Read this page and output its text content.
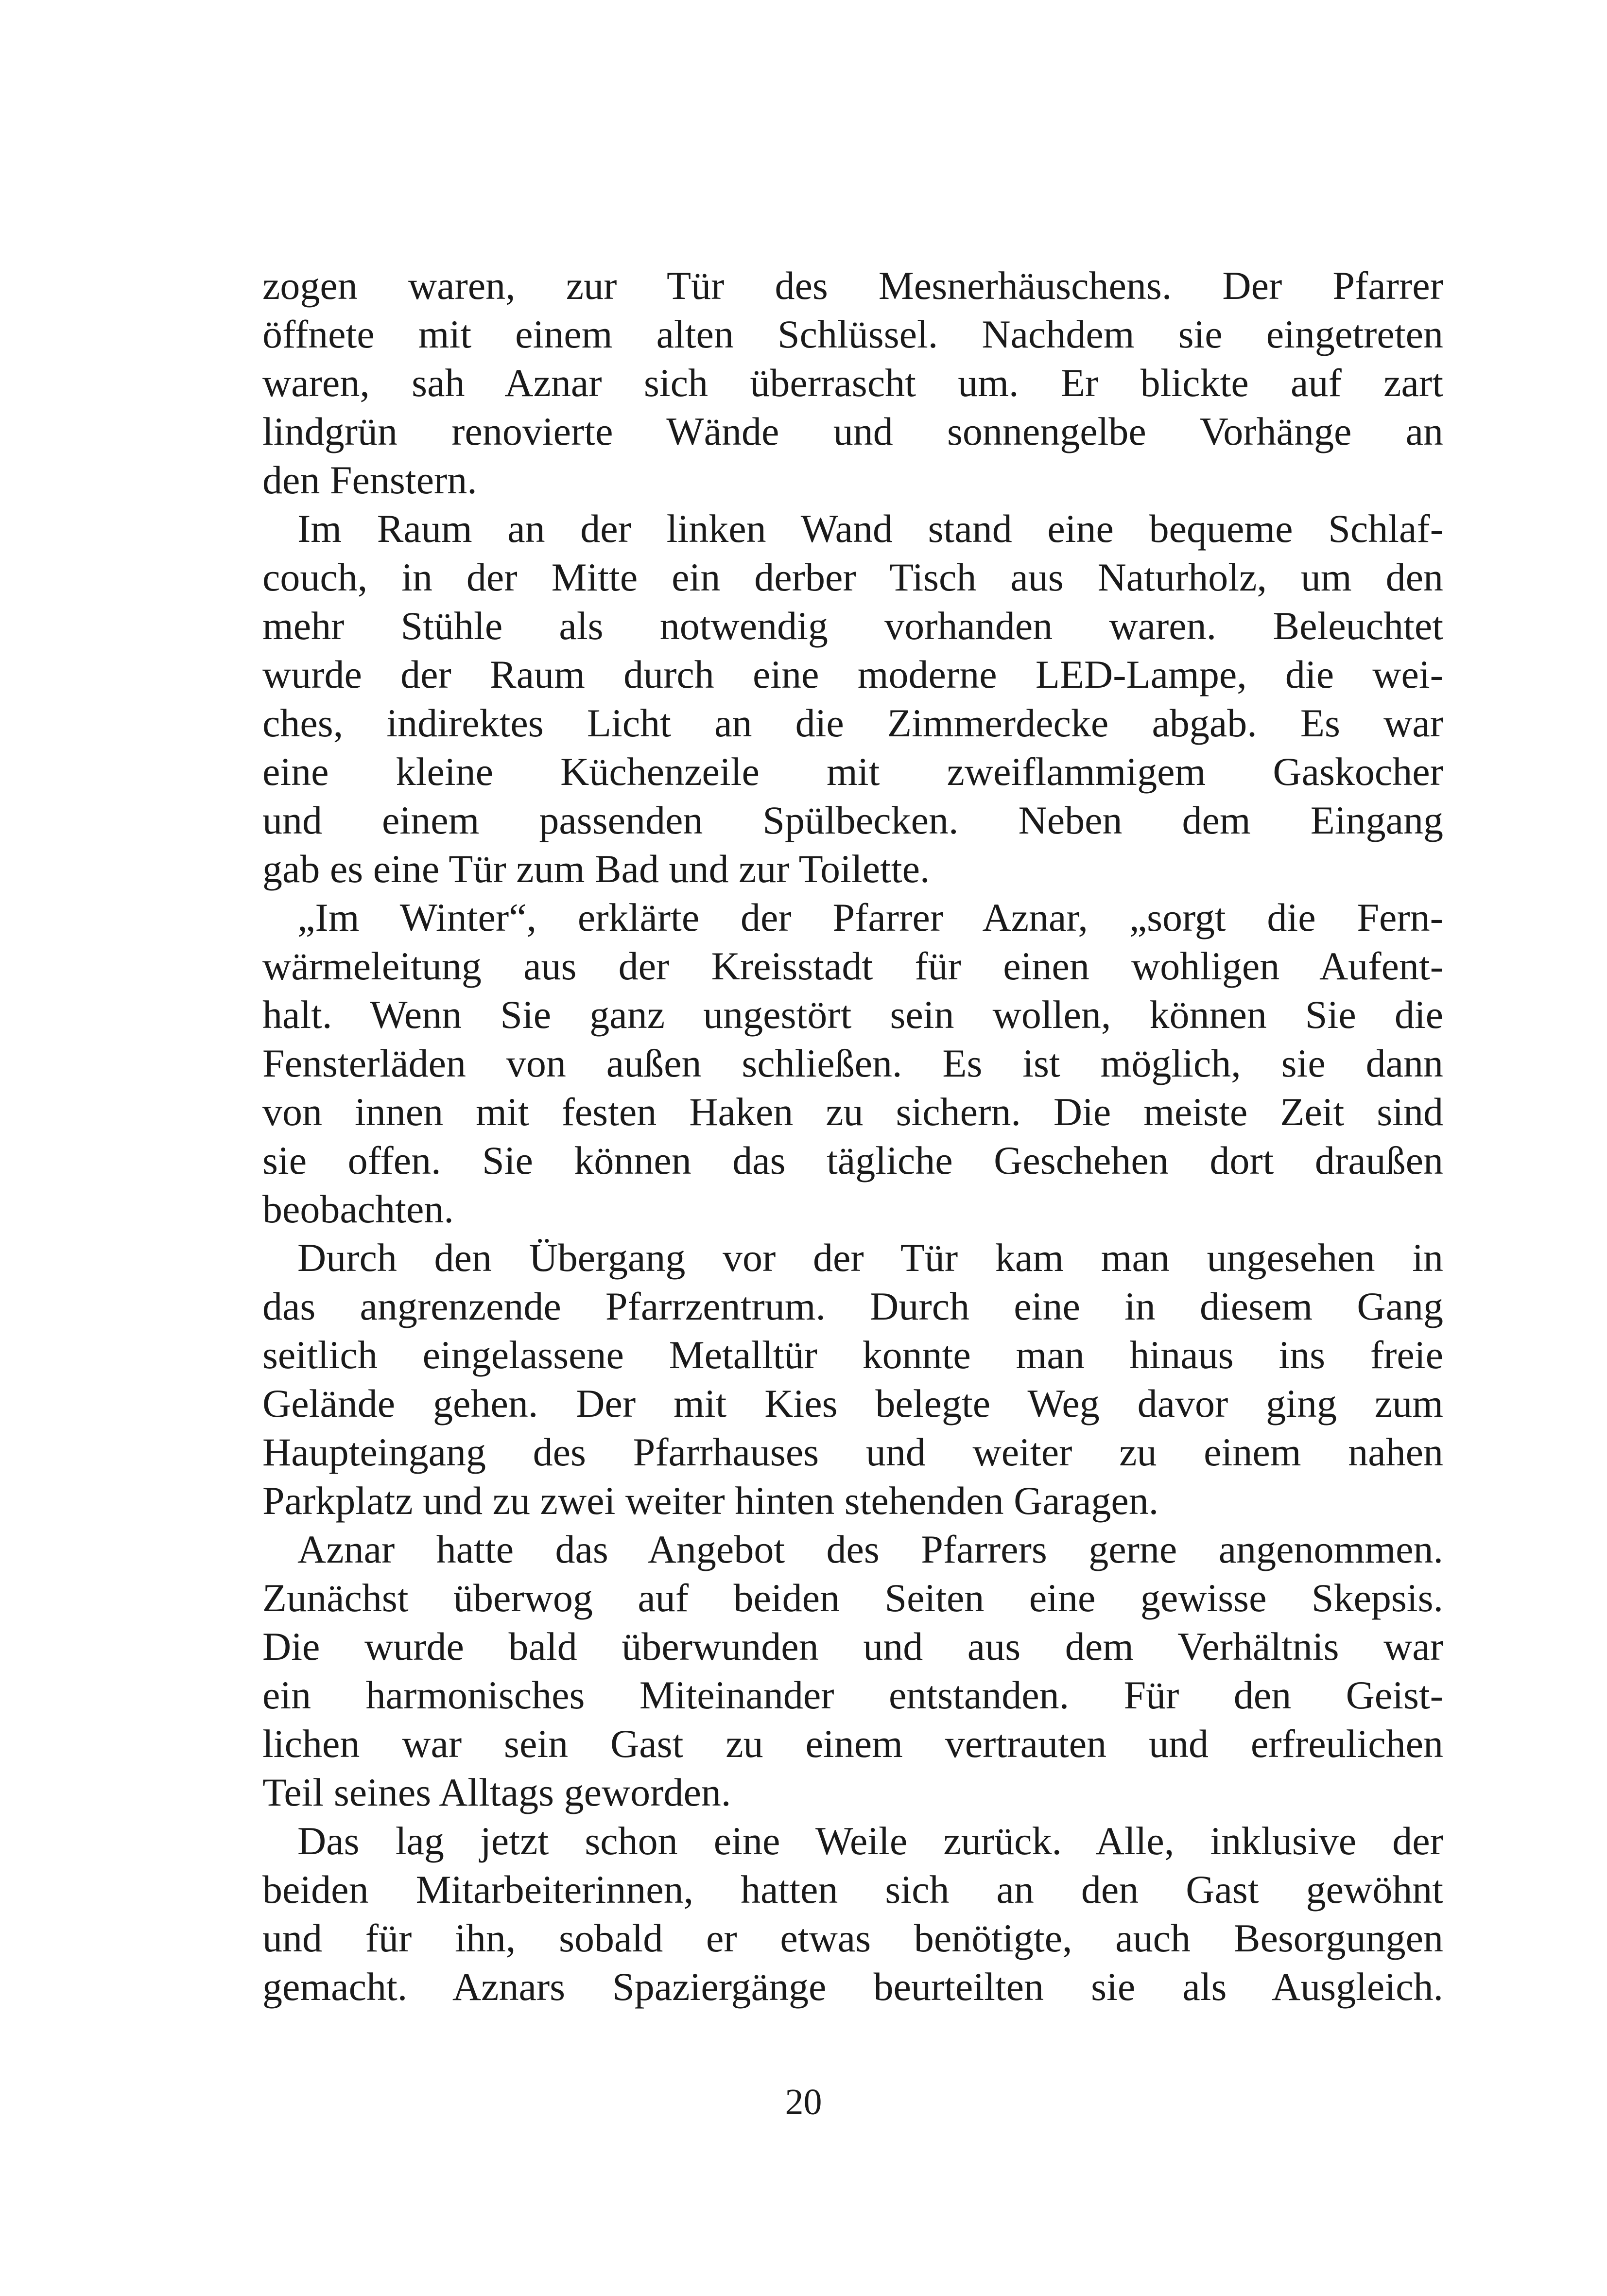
zogen waren, zur Tür des Mesnerhäuschens. Der Pfarrer
öffnete mit einem alten Schlüssel. Nachdem sie eingetreten
waren, sah Aznar sich überrascht um. Er blickte auf zart
lindgrün renovierte Wände und sonnengelbe Vorhänge an
den Fenstern.
Im Raum an der linken Wand stand eine bequeme Schlaf-
couch, in der Mitte ein derber Tisch aus Naturholz, um den
mehr Stühle als notwendig vorhanden waren. Beleuchtet
wurde der Raum durch eine moderne LED-Lampe, die wei-
ches, indirektes Licht an die Zimmerdecke abgab. Es war
eine kleine Küchenzeile mit zweiflammigem Gaskocher
und einem passenden Spülbecken. Neben dem Eingang
gab es eine Tür zum Bad und zur Toilette.
„Im Winter“, erklärte der Pfarrer Aznar, „sorgt die Fern-
wärmeleitung aus der Kreisstadt für einen wohligen Aufent-
halt. Wenn Sie ganz ungestört sein wollen, können Sie die
Fensterläden von außen schließen. Es ist möglich, sie dann
von innen mit festen Haken zu sichern. Die meiste Zeit sind
sie offen. Sie können das tägliche Geschehen dort draußen
beobachten.
Durch den Übergang vor der Tür kam man ungesehen in
das angrenzende Pfarrzentrum. Durch eine in diesem Gang
seitlich eingelassene Metalltür konnte man hinaus ins freie
Gelände gehen. Der mit Kies belegte Weg davor ging zum
Haupteingang des Pfarrhauses und weiter zu einem nahen
Parkplatz und zu zwei weiter hinten stehenden Garagen.
Aznar hatte das Angebot des Pfarrers gerne angenommen.
Zunächst überwog auf beiden Seiten eine gewisse Skepsis.
Die wurde bald überwunden und aus dem Verhältnis war
ein harmonisches Miteinander entstanden. Für den Geist-
lichen war sein Gast zu einem vertrauten und erfreulichen
Teil seines Alltags geworden.
Das lag jetzt schon eine Weile zurück. Alle, inklusive der
beiden Mitarbeiterinnen, hatten sich an den Gast gewöhnt
und für ihn, sobald er etwas benötigte, auch Besorgungen
gemacht. Aznars Spaziergänge beurteilten sie als Ausgleich.
20
